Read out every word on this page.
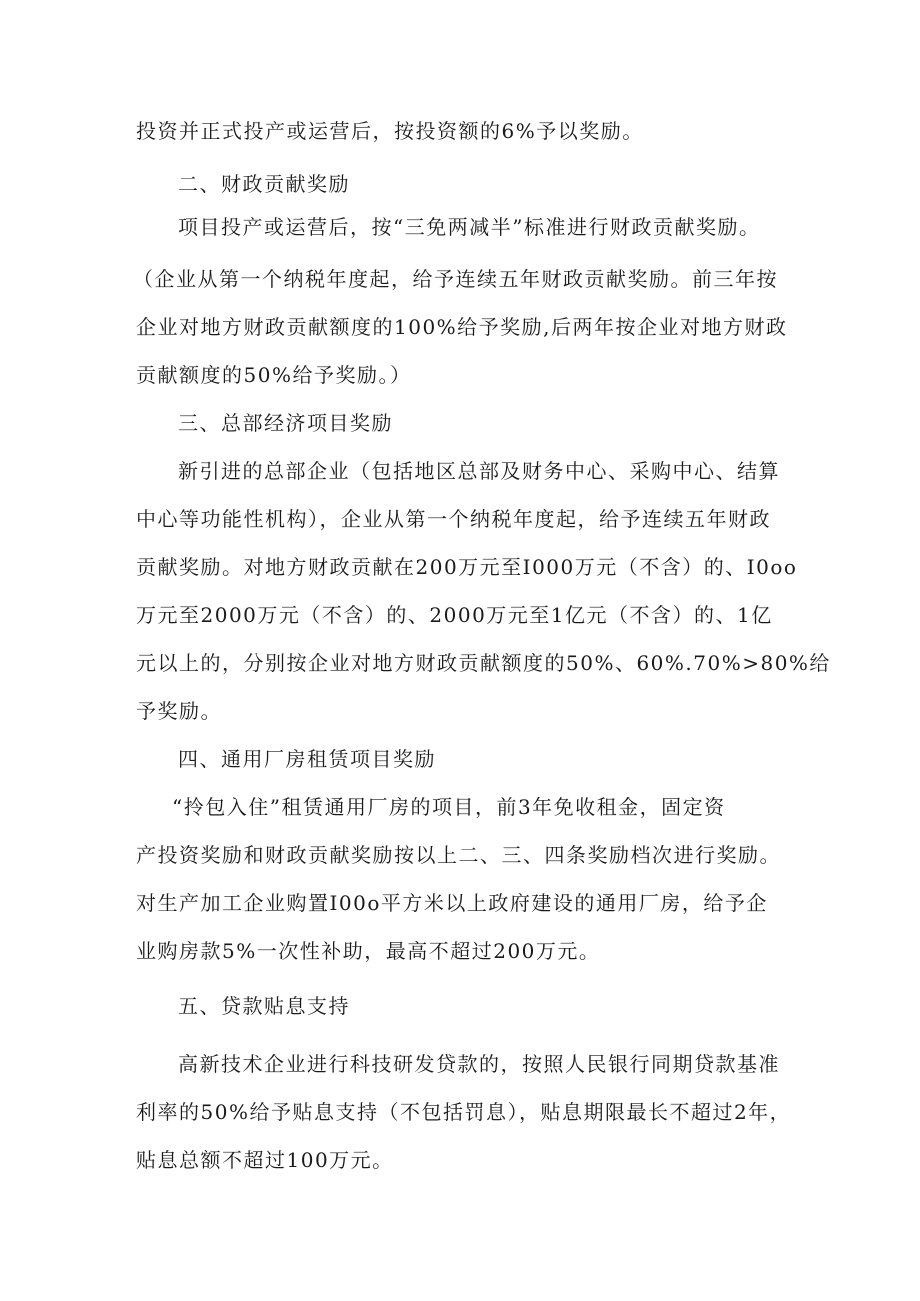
投资并正式投产或运营后，按投资额的6%予以奖励。
二、财政贡献奖励
项目投产或运营后，按“三免两减半”标准进行财政贡献奖励。
（企业从第一个纳税年度起，给予连续五年财政贡献奖励。前三年按
企业对地方财政贡献额度的100%给予奖励,后两年按企业对地方财政
贡献额度的50%给予奖励。）
三、总部经济项目奖励
新引进的总部企业（包括地区总部及财务中心、采购中心、结算
中心等功能性机构），企业从第一个纳税年度起，给予连续五年财政
贡献奖励。对地方财政贡献在200万元至I000万元（不含）的、I0oo
万元至2000万元（不含）的、2000万元至1亿元（不含）的、1亿
元以上的，分别按企业对地方财政贡献额度的50%、60%.70%>80%给
予奖励。
四、通用厂房租赁项目奖励
“拎包入住”租赁通用厂房的项目，前3年免收租金，固定资
产投资奖励和财政贡献奖励按以上二、三、四条奖励档次进行奖励。
对生产加工企业购置I00o平方米以上政府建设的通用厂房，给予企
业购房款5%一次性补助，最高不超过200万元。
五、贷款贴息支持
高新技术企业进行科技研发贷款的，按照人民银行同期贷款基准
利率的50%给予贴息支持（不包括罚息），贴息期限最长不超过2年，
贴息总额不超过100万元。
